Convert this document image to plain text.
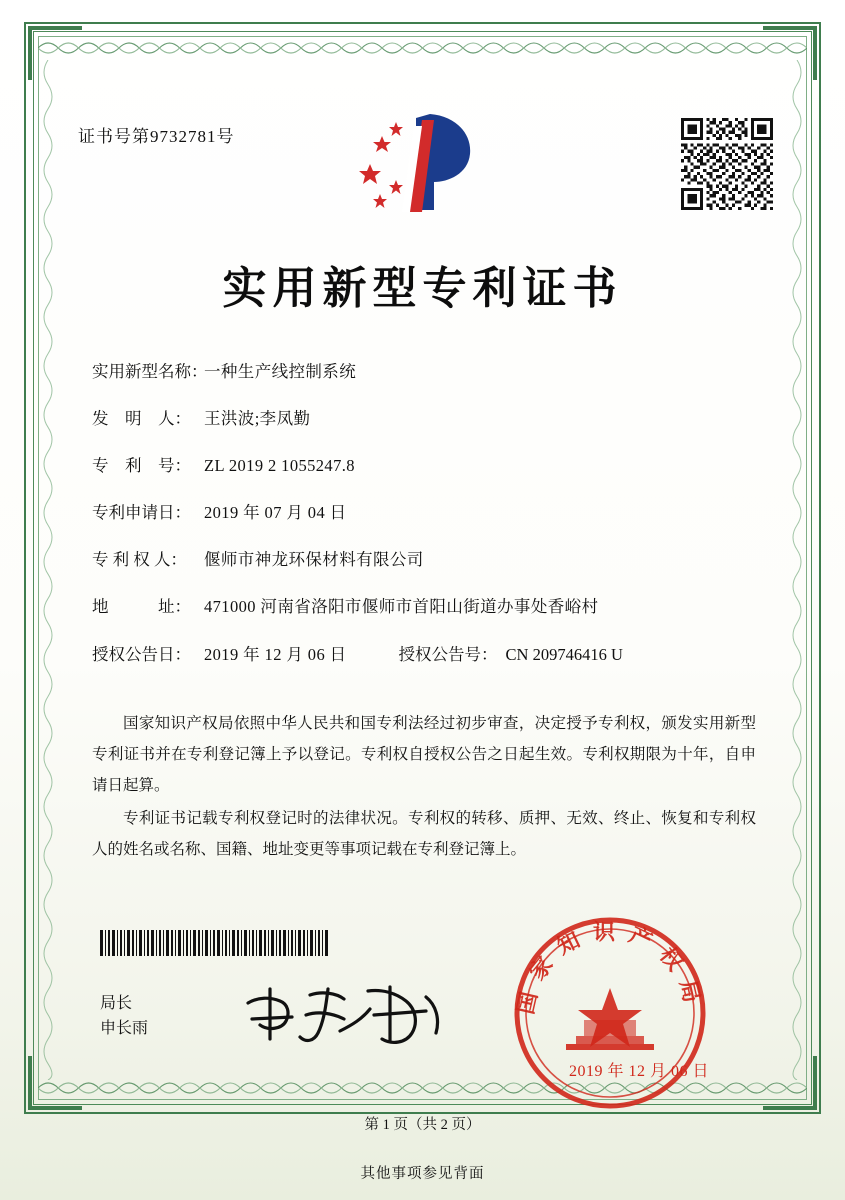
证书号第9732781号
实用新型专利证书
实用新型名称：
一种生产线控制系统
发　明　人： 王洪波;李凤勤
专　利　号： ZL 2019 2 1055247.8
专利申请日： 2019 年 07 月 04 日
专 利 权 人：	偃师市神龙环保材料有限公司
地　　　址： 471000 河南省洛阳市偃师市首阳山街道办事处香峪村
授权公告日： 2019 年 12 月 06 日	授权公告号： CN 209746416 U

国家知识产权局依照中华人民共和国专利法经过初步审查，决定授予专利权，颁发实用新型专利证书并在专利登记簿上予以登记。专利权自授权公告之日起生效。专利权期限为十年，自申请日起算。

专利证书记载专利权登记时的法律状况。专利权的转移、质押、无效、终止、恢复和专利权人的姓名或名称、国籍、地址变更等事项记载在专利登记簿上。

局长
申长雨
国家知识产权局
2019 年 12 月 06 日
第 1 页（共 2 页）
其他事项参见背面
